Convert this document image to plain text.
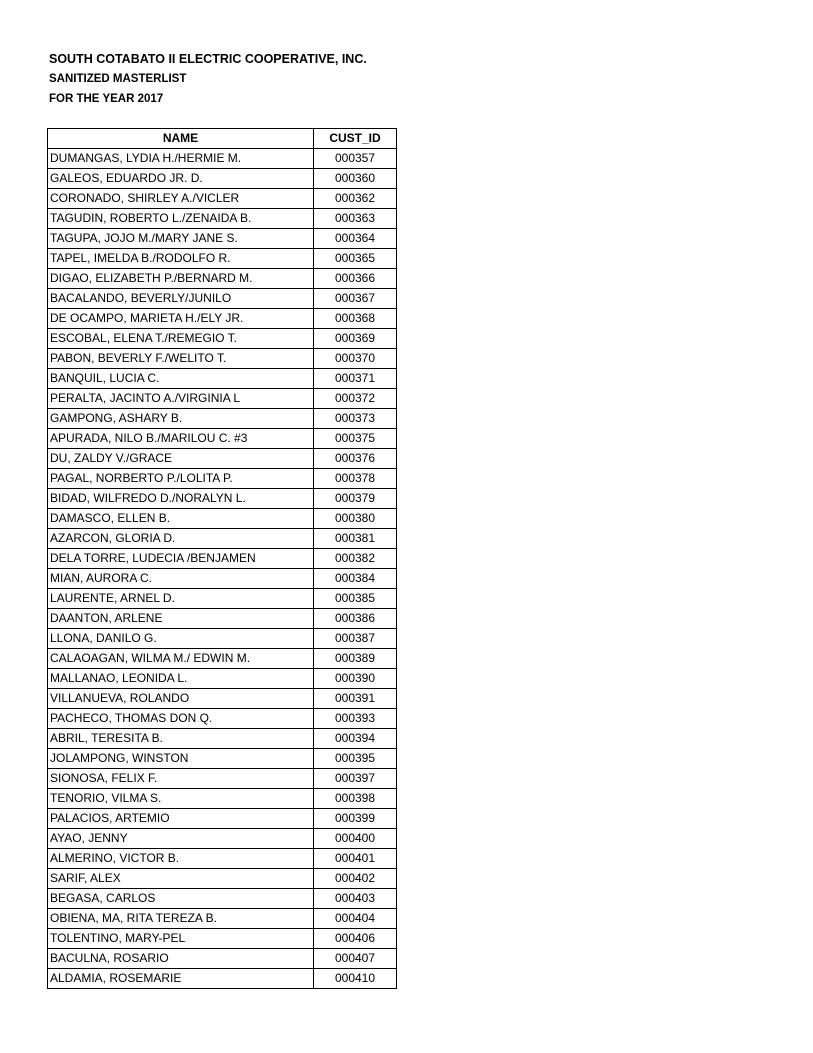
SOUTH COTABATO II ELECTRIC COOPERATIVE, INC.
SANITIZED MASTERLIST
FOR THE YEAR 2017
NAME	CUST_ID
DUMANGAS, LYDIA H./HERMIE M.	000357
GALEOS, EDUARDO JR. D.	000360
CORONADO, SHIRLEY A./VICLER	000362
TAGUDIN, ROBERTO L./ZENAIDA B.	000363
TAGUPA, JOJO M./MARY JANE S.	000364
TAPEL, IMELDA B./RODOLFO R.	000365
DIGAO, ELIZABETH P./BERNARD M.	000366
BACALANDO, BEVERLY/JUNILO	000367
DE OCAMPO, MARIETA H./ELY JR.	000368
ESCOBAL, ELENA T./REMEGIO T.	000369
PABON, BEVERLY F./WELITO T.	000370
BANQUIL, LUCIA C.	000371
PERALTA, JACINTO A./VIRGINIA L	000372
GAMPONG, ASHARY B.	000373
APURADA, NILO B./MARILOU C. #3	000375
DU, ZALDY V./GRACE	000376
PAGAL, NORBERTO P./LOLITA P.	000378
BIDAD, WILFREDO D./NORALYN L.	000379
DAMASCO, ELLEN B.	000380
AZARCON, GLORIA D.	000381
DELA TORRE, LUDECIA /BENJAMEN	000382
MIAN, AURORA C.	000384
LAURENTE, ARNEL D.	000385
DAANTON, ARLENE	000386
LLONA, DANILO G.	000387
CALAOAGAN, WILMA M./ EDWIN M.	000389
MALLANAO, LEONIDA L.	000390
VILLANUEVA, ROLANDO	000391
PACHECO, THOMAS DON Q.	000393
ABRIL, TERESITA B.	000394
JOLAMPONG, WINSTON	000395
SIONOSA, FELIX F.	000397
TENORIO, VILMA S.	000398
PALACIOS, ARTEMIO	000399
AYAO, JENNY	000400
ALMERINO, VICTOR B.	000401
SARIF, ALEX	000402
BEGASA, CARLOS	000403
OBIENA, MA, RITA TEREZA B.	000404
TOLENTINO, MARY-PEL	000406
BACULNA, ROSARIO	000407
ALDAMIA, ROSEMARIE	000410
